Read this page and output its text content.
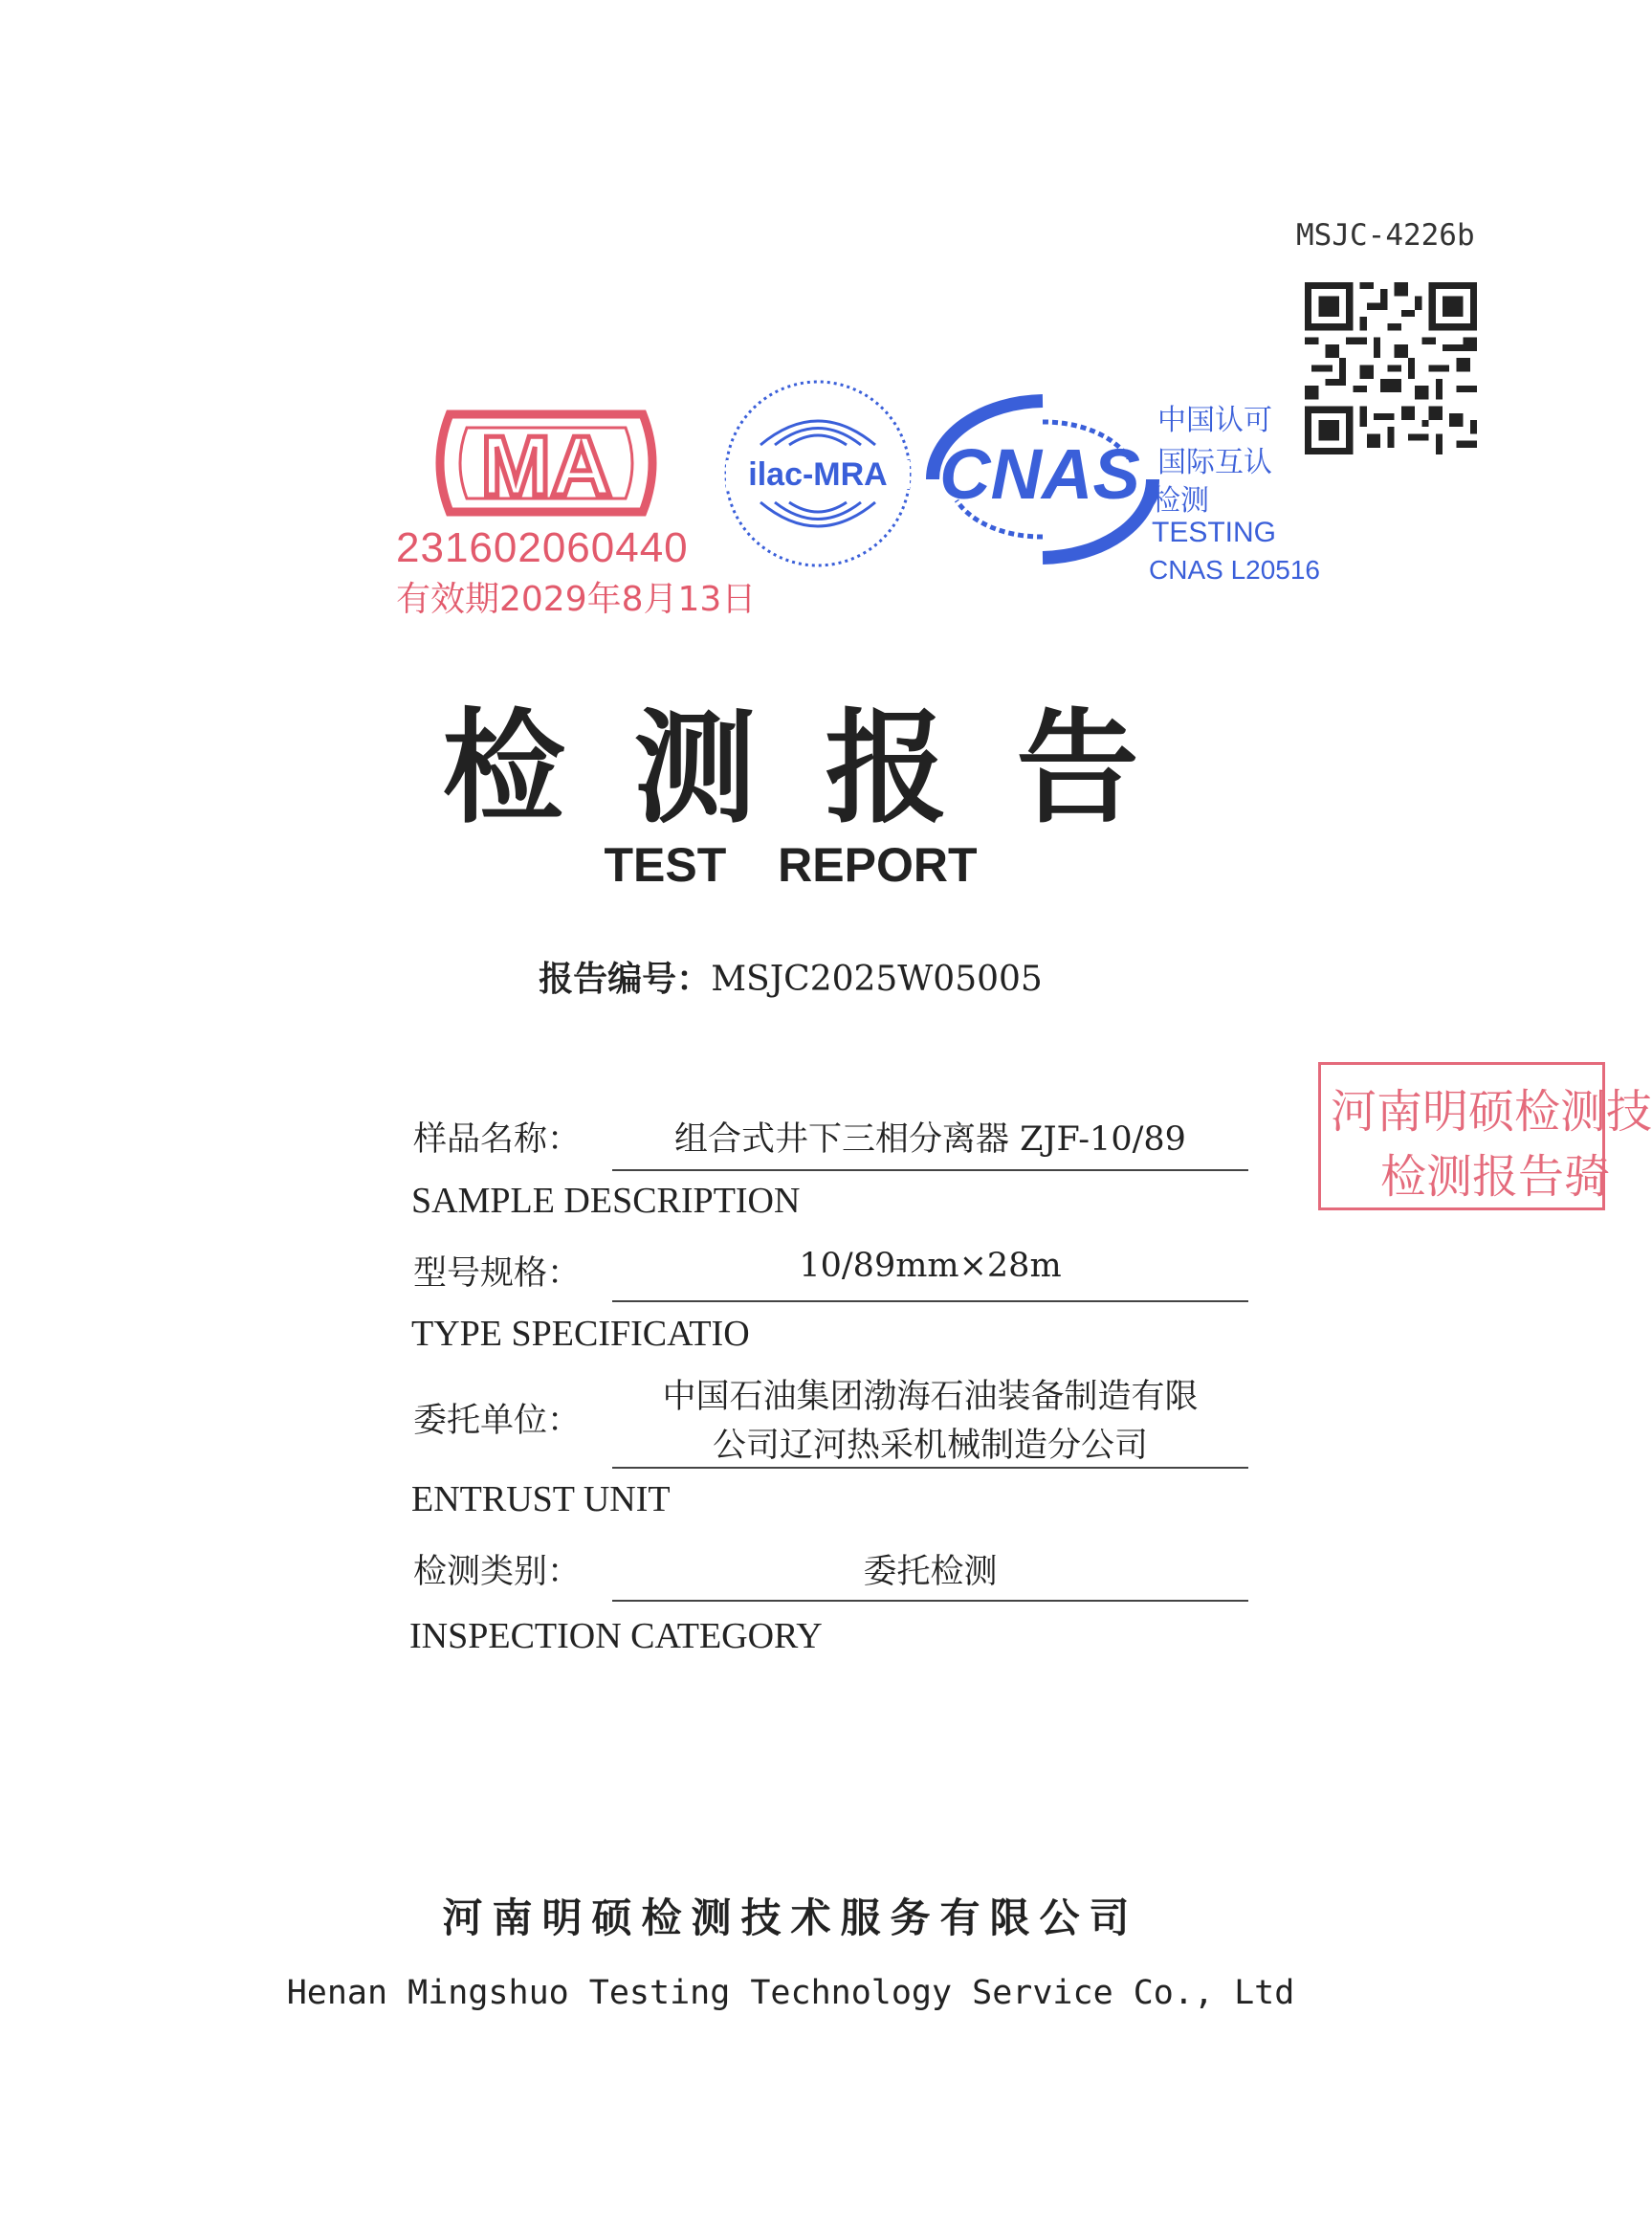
MSJC-4226b
MA
231602060440
有效期2029年8月13日
ilac-MRA CNAS
中国认可
国际互认
检测
TESTING
CNAS L20516
检测报告
TEST REPORT
报告编号：MSJC2025W05005
样品名称：	组合式井下三相分离器 ZJF-10/89
SAMPLE DESCRIPTION
型号规格：	10/89mm×28m
TYPE SPECIFICATIO
委托单位：
中国石油集团渤海石油装备制造有限
公司辽河热采机械制造分公司
ENTRUST UNIT
检测类别：	委托检测
INSPECTION CATEGORY
河南明硕检测技术服务有限公司
Henan Mingshuo Testing Technology Service Co., Ltd
河南明硕检测技
检测报告骑
